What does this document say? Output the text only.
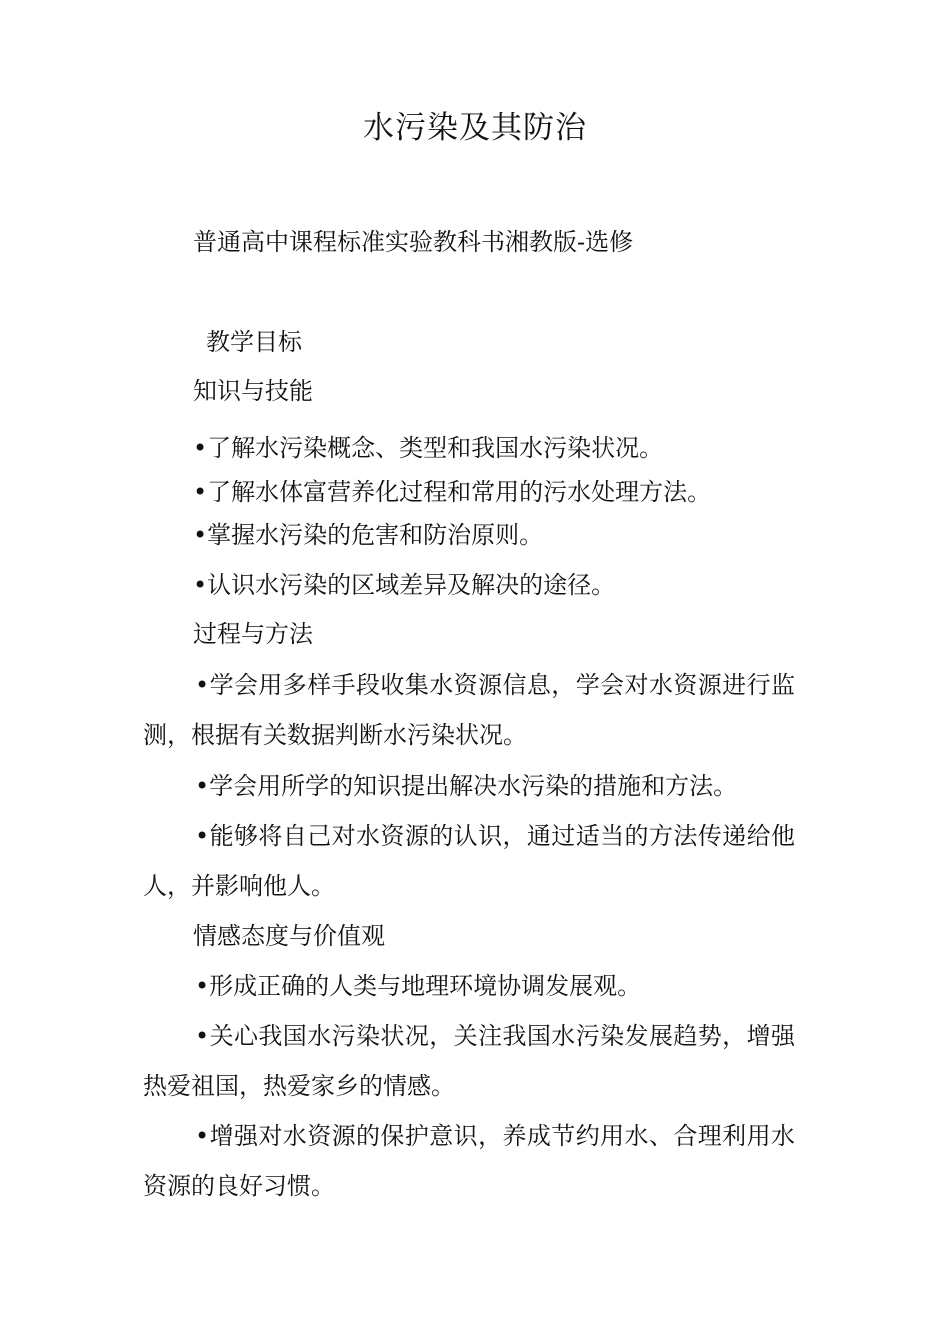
水污染及其防治

普通高中课程标准实验教科书湘教版-选修

教学目标
知识与技能

•了解水污染概念、类型和我国水污染状况。

•了解水体富营养化过程和常用的污水处理方法。

•掌握水污染的危害和防治原则。

•认识水污染的区域差异及解决的途径。

过程与方法

•学会用多样手段收集水资源信息，学会对水资源进行监测，根据有关数据判断水污染状况。

•学会用所学的知识提出解决水污染的措施和方法。

•能够将自己对水资源的认识，通过适当的方法传递给他人，并影响他人。

情感态度与价值观

•形成正确的人类与地理环境协调发展观。

•关心我国水污染状况，关注我国水污染发展趋势，增强热爱祖国，热爱家乡的情感。

•增强对水资源的保护意识，养成节约用水、合理利用水资源的良好习惯。
